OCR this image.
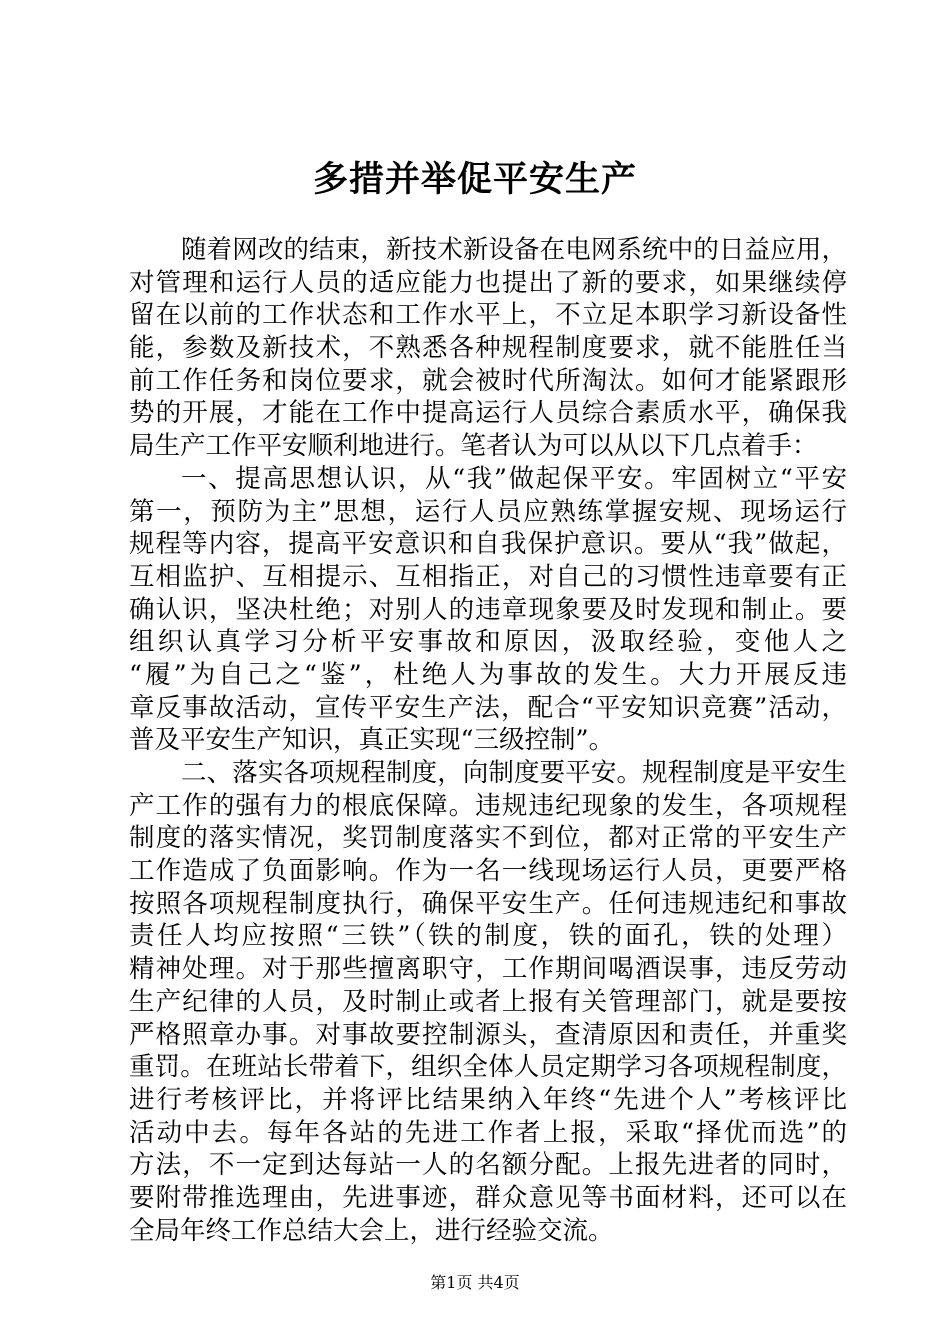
多措并举促平安生产
随着网改的结束，新技术新设备在电网系统中的日益应用，
对管理和运行人员的适应能力也提出了新的要求，如果继续停
留在以前的工作状态和工作水平上，不立足本职学习新设备性
能，参数及新技术，不熟悉各种规程制度要求，就不能胜任当
前工作任务和岗位要求，就会被时代所淘汰。如何才能紧跟形
势的开展，才能在工作中提高运行人员综合素质水平，确保我
局生产工作平安顺利地进行。笔者认为可以从以下几点着手：
一、提高思想认识，从“我”做起保平安。牢固树立“平安
第一，预防为主”思想，运行人员应熟练掌握安规、现场运行
规程等内容，提高平安意识和自我保护意识。要从“我”做起，
互相监护、互相提示、互相指正，对自己的习惯性违章要有正
确认识，坚决杜绝；对别人的违章现象要及时发现和制止。要
组织认真学习分析平安事故和原因，汲取经验，变他人之
“履”为自己之“鉴”，杜绝人为事故的发生。大力开展反违
章反事故活动，宣传平安生产法，配合“平安知识竞赛”活动，
普及平安生产知识，真正实现“三级控制”。
二、落实各项规程制度，向制度要平安。规程制度是平安生
产工作的强有力的根底保障。违规违纪现象的发生，各项规程
制度的落实情况，奖罚制度落实不到位，都对正常的平安生产
工作造成了负面影响。作为一名一线现场运行人员，更要严格
按照各项规程制度执行，确保平安生产。任何违规违纪和事故
责任人均应按照“三铁”（铁的制度，铁的面孔，铁的处理）
精神处理。对于那些擅离职守，工作期间喝酒误事，违反劳动
生产纪律的人员，及时制止或者上报有关管理部门，就是要按
严格照章办事。对事故要控制源头，查清原因和责任，并重奖
重罚。在班站长带着下，组织全体人员定期学习各项规程制度，
进行考核评比，并将评比结果纳入年终“先进个人”考核评比
活动中去。每年各站的先进工作者上报，采取“择优而选”的
方法，不一定到达每站一人的名额分配。上报先进者的同时，
要附带推选理由，先进事迹，群众意见等书面材料，还可以在
全局年终工作总结大会上，进行经验交流。
第1页 共4页
